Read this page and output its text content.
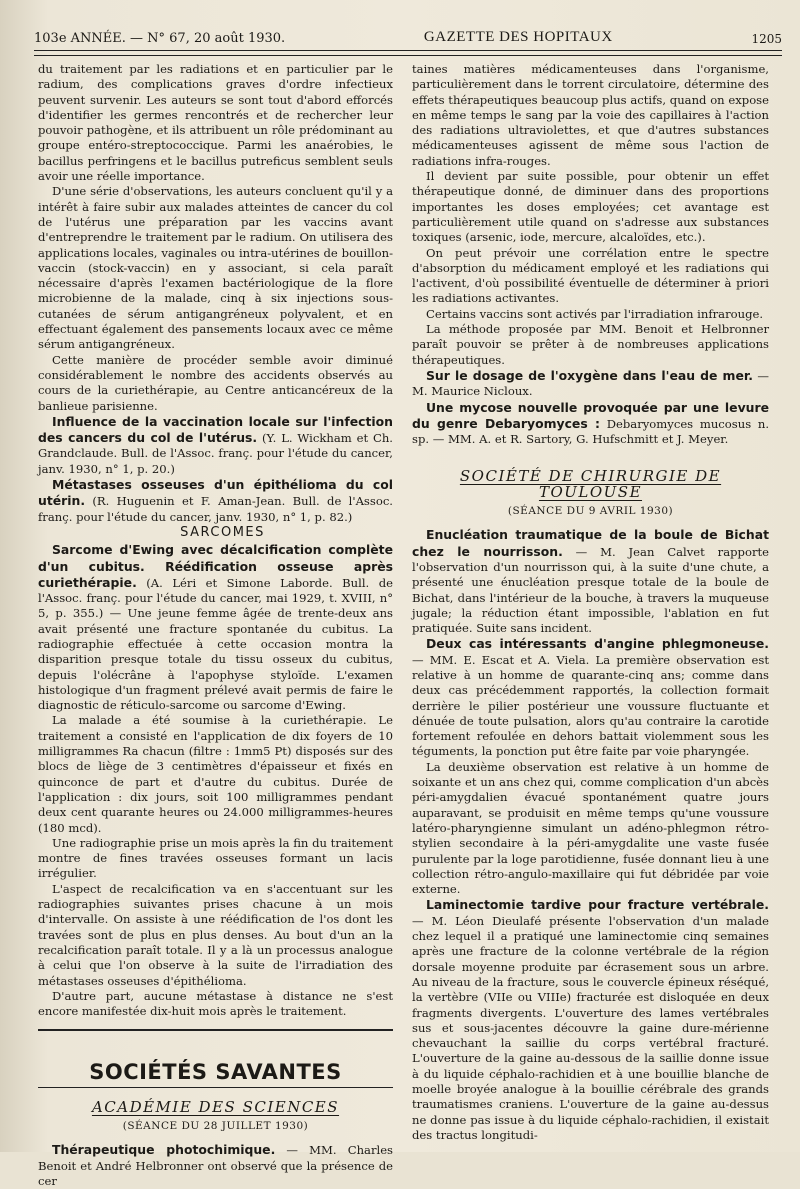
103e ANNÉE. — N° 67, 20 août 1930.	GAZETTE DES HOPITAUX	1205

du traitement par les radiations et en particulier par le radium, des complications graves d'ordre infectieux peuvent survenir. Les auteurs se sont tout d'abord efforcés d'identifier les germes rencontrés et de rechercher leur pouvoir pathogène, et ils attribuent un rôle prédominant au groupe entéro-streptococcique. Parmi les anaérobies, le bacillus perfringens et le bacillus putreficus semblent seuls avoir une réelle importance.

D'une série d'observations, les auteurs concluent qu'il y a intérêt à faire subir aux malades atteintes de cancer du col de l'utérus une préparation par les vaccins avant d'entreprendre le traitement par le radium. On utilisera des applications locales, vaginales ou intra-utérines de bouillon-vaccin (stock-vaccin) en y associant, si cela paraît nécessaire d'après l'examen bactériologique de la flore microbienne de la malade, cinq à six injections sous-cutanées de sérum antigangréneux polyvalent, et en effectuant également des pansements locaux avec ce même sérum antigangréneux.

Cette manière de procéder semble avoir diminué considérablement le nombre des accidents observés au cours de la curiethérapie, au Centre anticancéreux de la banlieue parisienne.

Influence de la vaccination locale sur l'infection des cancers du col de l'utérus. (Y. L. Wickham et Ch. Grandclaude. Bull. de l'Assoc. franç. pour l'étude du cancer, janv. 1930, n° 1, p. 20.)

Métastases osseuses d'un épithélioma du col utérin. (R. Huguenin et F. Aman-Jean. Bull. de l'Assoc. franç. pour l'étude du cancer, janv. 1930, n° 1, p. 82.)

SARCOMES

Sarcome d'Ewing avec décalcification complète d'un cubitus. Réédification osseuse après curiethérapie. (A. Léri et Simone Laborde. Bull. de l'Assoc. franç. pour l'étude du cancer, mai 1929, t. XVIII, n° 5, p. 355.) — Une jeune femme âgée de trente-deux ans avait présenté une fracture spontanée du cubitus. La radiographie effectuée à cette occasion montra la disparition presque totale du tissu osseux du cubitus, depuis l'olécrâne à l'apophyse styloïde. L'examen histologique d'un fragment prélevé avait permis de faire le diagnostic de réticulo-sarcome ou sarcome d'Ewing.

La malade a été soumise à la curiethérapie. Le traitement a consisté en l'application de dix foyers de 10 milligrammes Ra chacun (filtre : 1mm5 Pt) disposés sur des blocs de liège de 3 centimètres d'épaisseur et fixés en quinconce de part et d'autre du cubitus. Durée de l'application : dix jours, soit 100 milligrammes pendant deux cent quarante heures ou 24.000 milligrammes-heures (180 mcd).

Une radiographie prise un mois après la fin du traitement montre de fines travées osseuses formant un lacis irrégulier.

L'aspect de recalcification va en s'accentuant sur les radiographies suivantes prises chacune à un mois d'intervalle. On assiste à une réédification de l'os dont les travées sont de plus en plus denses. Au bout d'un an la recalcification paraît totale. Il y a là un processus analogue à celui que l'on observe à la suite de l'irradiation des métastases osseuses d'épithélioma.

D'autre part, aucune métastase à distance ne s'est encore manifestée dix-huit mois après le traitement.

SOCIÉTÉS SAVANTES
ACADÉMIE DES SCIENCES
(SÉANCE DU 28 JUILLET 1930)

Thérapeutique photochimique. — MM. Charles Benoit et André Helbronner ont observé que la présence de cer

taines matières médicamenteuses dans l'organisme, particulièrement dans le torrent circulatoire, détermine des effets thérapeutiques beaucoup plus actifs, quand on expose en même temps le sang par la voie des capillaires à l'action des radiations ultraviolettes, et que d'autres substances médicamenteuses agissent de même sous l'action de radiations infra-rouges.

Il devient par suite possible, pour obtenir un effet thérapeutique donné, de diminuer dans des proportions importantes les doses employées; cet avantage est particulièrement utile quand on s'adresse aux substances toxiques (arsenic, iode, mercure, alcaloïdes, etc.).

On peut prévoir une corrélation entre le spectre d'absorption du médicament employé et les radiations qui l'activent, d'où possibilité éventuelle de déterminer à priori les radiations activantes.

Certains vaccins sont activés par l'irradiation infrarouge.

La méthode proposée par MM. Benoit et Helbronner paraît pouvoir se prêter à de nombreuses applications thérapeutiques.

Sur le dosage de l'oxygène dans l'eau de mer. — M. Maurice Nicloux.

Une mycose nouvelle provoquée par une levure du genre Debaryomyces : Debaryomyces mucosus n. sp. — MM. A. et R. Sartory, G. Hufschmitt et J. Meyer.

SOCIÉTÉ DE CHIRURGIE DE TOULOUSE
(SÉANCE DU 9 AVRIL 1930)

Enucléation traumatique de la boule de Bichat chez le nourrisson. — M. Jean Calvet rapporte l'observation d'un nourrisson qui, à la suite d'une chute, a présenté une énucléation presque totale de la boule de Bichat, dans l'intérieur de la bouche, à travers la muqueuse jugale; la réduction étant impossible, l'ablation en fut pratiquée. Suite sans incident.

Deux cas intéressants d'angine phlegmoneuse. — MM. E. Escat et A. Viela. La première observation est relative à un homme de quarante-cinq ans; comme dans deux cas précédemment rapportés, la collection formait derrière le pilier postérieur une voussure fluctuante et dénuée de toute pulsation, alors qu'au contraire la carotide fortement refoulée en dehors battait violemment sous les téguments, la ponction put être faite par voie pharyngée.

La deuxième observation est relative à un homme de soixante et un ans chez qui, comme complication d'un abcès péri-amygdalien évacué spontanément quatre jours auparavant, se produisit en même temps qu'une voussure latéro-pharyngienne simulant un adéno-phlegmon rétro-stylien secondaire à la péri-amygdalite une vaste fusée purulente par la loge parotidienne, fusée donnant lieu à une collection rétro-angulo-maxillaire qui fut débridée par voie externe.

Laminectomie tardive pour fracture vertébrale. — M. Léon Dieulafé présente l'observation d'un malade chez lequel il a pratiqué une laminectomie cinq semaines après une fracture de la colonne vertébrale de la région dorsale moyenne produite par écrasement sous un arbre. Au niveau de la fracture, sous le couvercle épineux réséqué, la vertèbre (VIIe ou VIIIe) fracturée est disloquée en deux fragments divergents. L'ouverture des lames vertébrales sus et sous-jacentes découvre la gaine dure-mérienne chevauchant la saillie du corps vertébral fracturé. L'ouverture de la gaine au-dessous de la saillie donne issue à du liquide céphalo-rachidien et à une bouillie blanche de moelle broyée analogue à la bouillie cérébrale des grands traumatismes craniens. L'ouverture de la gaine au-dessus ne donne pas issue à du liquide céphalo-rachidien, il existait des tractus longitudi-
